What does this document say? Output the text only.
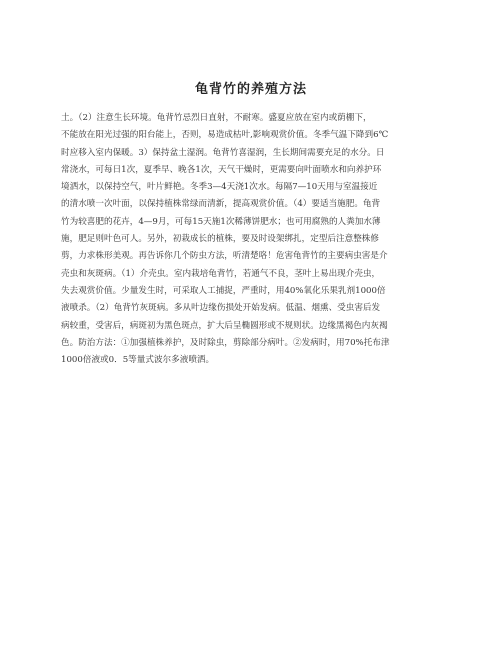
龟背竹的养殖方法
土。（2）注意生长环境。龟背竹忌烈日直射，不耐寒。盛夏应放在室内或荫棚下，
不能放在阳光过强的阳台能上，否则，易造成枯叶,影响观赏价值。冬季气温下降到6℃
时应移入室内保暖。3）保持盆土湿润。龟背竹喜湿润，生长期间需要充足的水分。日
常浇水，可每日1次，夏季早、晚各1次，天气干燥时，更需要向叶面喷水和向养护环
境洒水，以保持空气，叶片鲜艳。冬季3—4天浇1次水。每隔7—10天用与室温接近
的清水喷一次叶面，以保持植株常绿而清新，提高观赏价值。（4）要适当施肥。龟背
竹为较喜肥的花卉，4—9月，可每15天施1次稀薄饼肥水；也可用腐熟的人粪加水薄
施，肥足则叶色可人。另外，初栽成长的植株，要及时设架绑扎，定型后注意整株修
剪，力求株形美观。再告诉你几个防虫方法，听清楚咯！危害龟背竹的主要病虫害是介
壳虫和灰斑病。（1）介壳虫。室内栽培龟背竹，若通气不良，茎叶上易出现介壳虫，
失去观赏价值。少量发生时，可采取人工捕捉，严重时，用40%氧化乐果乳剂1000倍
液喷杀。（2）龟背竹灰斑病。多从叶边缘伤损处开始发病。低温、烟熏、受虫害后发
病较重，受害后，病斑初为黑色斑点，扩大后呈椭圆形或不规则状。边缘黑褐色内灰褐
色。防治方法：①加强植株养护，及时除虫，剪除部分病叶。②发病时，用70%托布津
1000倍液或0．5等量式波尔多液喷洒。
